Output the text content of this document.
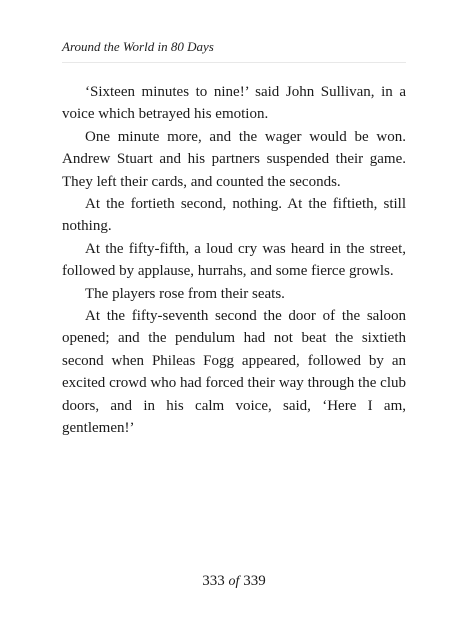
Around the World in 80 Days

‘Sixteen minutes to nine!’ said John Sullivan, in a voice which betrayed his emotion.

One minute more, and the wager would be won. Andrew Stuart and his partners suspended their game. They left their cards, and counted the seconds.

At the fortieth second, nothing. At the fiftieth, still nothing.

At the fifty-fifth, a loud cry was heard in the street, followed by applause, hurrahs, and some fierce growls.

The players rose from their seats.

At the fifty-seventh second the door of the saloon opened; and the pendulum had not beat the sixtieth second when Phileas Fogg appeared, followed by an excited crowd who had forced their way through the club doors, and in his calm voice, said, ‘Here I am, gentlemen!’

333 of 339
